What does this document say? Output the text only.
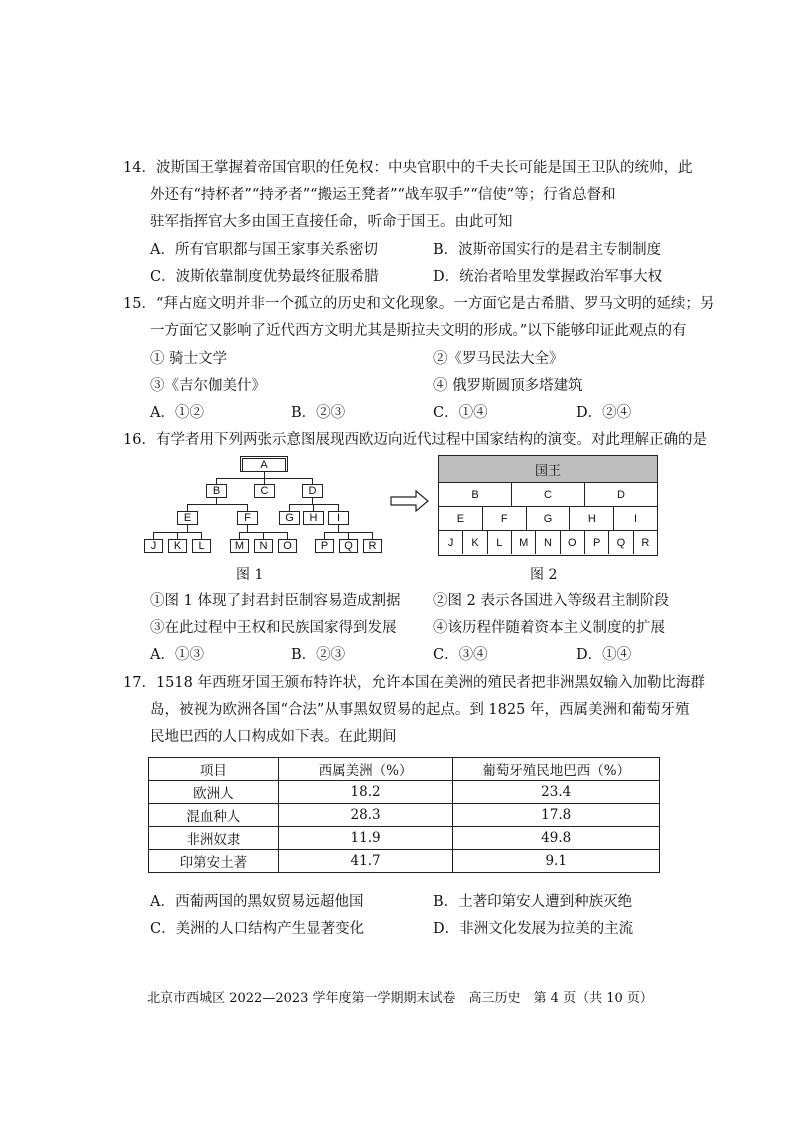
14．波斯国王掌握着帝国官职的任免权：中央官职中的千夫长可能是国王卫队的统帅，此
外还有“持杯者”“持矛者”“搬运王凳者”“战车驭手”“信使”等；行省总督和
驻军指挥官大多由国王直接任命，听命于国王。由此可知
A．所有官职都与国王家事关系密切	B．波斯帝国实行的是君主专制制度
C．波斯依靠制度优势最终征服希腊	D．统治者哈里发掌握政治军事大权
15．“拜占庭文明并非一个孤立的历史和文化现象。一方面它是古希腊、罗马文明的延续；另
一方面它又影响了近代西方文明尤其是斯拉夫文明的形成。”以下能够印证此观点的有
① 骑士文学	②《罗马民法大全》
③《吉尔伽美什》	④ 俄罗斯圆顶多塔建筑
A．①②	B．②③	C．①④	D．②④
16．有学者用下列两张示意图展现西欧迈向近代过程中国家结构的演变。对此理解正确的是
A
B	C	D
E	F	G	H	I
J	K	L	M	N	O	P	Q	R
图 1
国王
B	C	D
E	F	G	H	I
J	K	L	M	N	O	P	Q	R
图 2
①图 1 体现了封君封臣制容易造成割据 ②图 2 表示各国进入等级君主制阶段
③在此过程中王权和民族国家得到发展	④该历程伴随着资本主义制度的扩展
A．①③	B．②③	C．③④	D．①④
17．1518 年西班牙国王颁布特许状，允许本国在美洲的殖民者把非洲黑奴输入加勒比海群
岛，被视为欧洲各国“合法”从事黑奴贸易的起点。到 1825 年，西属美洲和葡萄牙殖
民地巴西的人口构成如下表。在此期间
项目	西属美洲（%）	葡萄牙殖民地巴西（%）
欧洲人	18.2	23.4
混血种人	28.3	17.8
非洲奴隶	11.9	49.8
印第安土著	41.7	9.1
A．西葡两国的黑奴贸易远超他国	B．土著印第安人遭到种族灭绝
C．美洲的人口结构产生显著变化	D．非洲文化发展为拉美的主流
北京市西城区 2022—2023 学年度第一学期期末试卷　高三历史　第 4 页（共 10 页）
